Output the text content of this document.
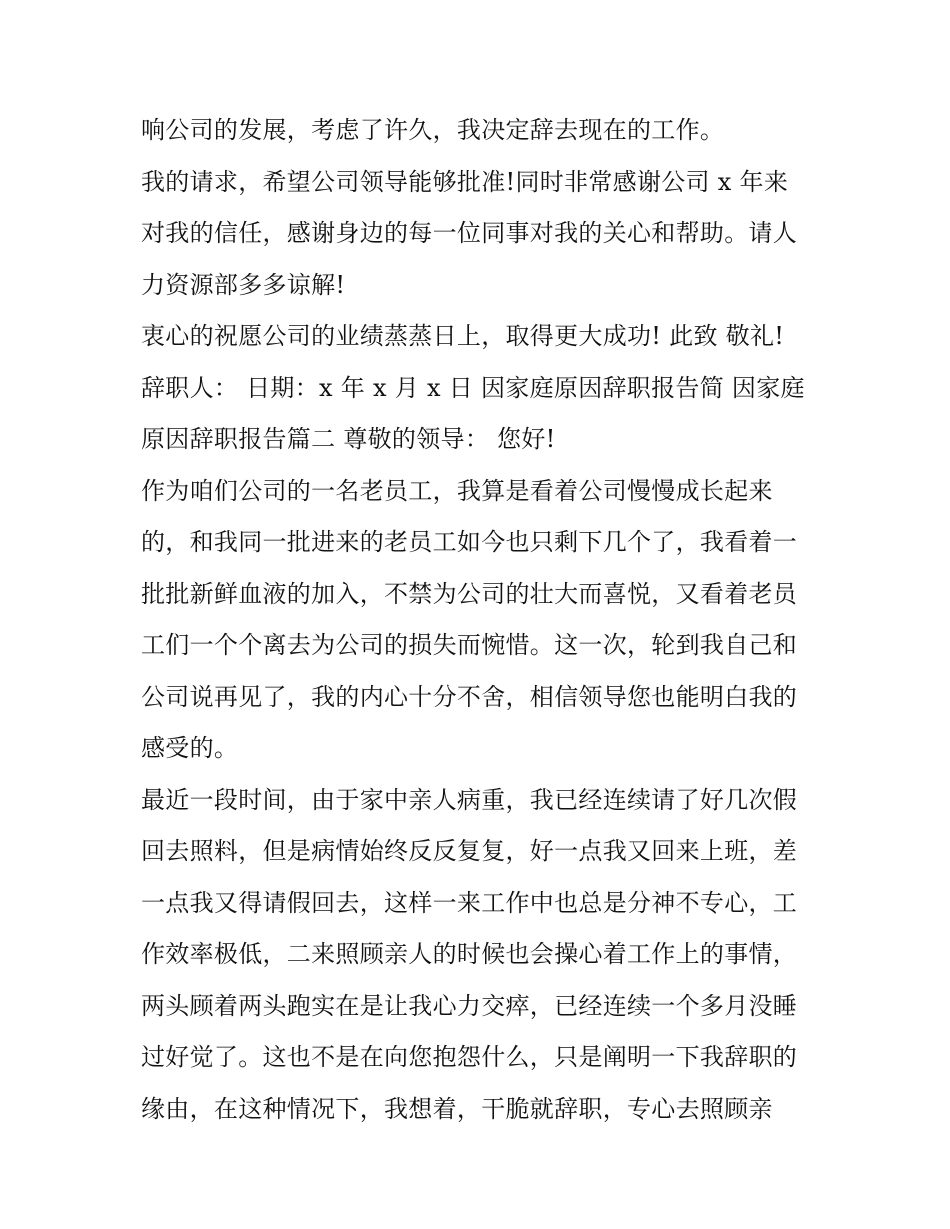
响公司的发展，考虑了许久，我决定辞去现在的工作。
我的请求，希望公司领导能够批准!同时非常感谢公司 x 年来
对我的信任，感谢身边的每一位同事对我的关心和帮助。请人
力资源部多多谅解!
衷心的祝愿公司的业绩蒸蒸日上，取得更大成功! 此致 敬礼!
辞职人： 日期：x 年 x 月 x 日 因家庭原因辞职报告简 因家庭
原因辞职报告篇二 尊敬的领导： 您好!
作为咱们公司的一名老员工，我算是看着公司慢慢成长起来
的，和我同一批进来的老员工如今也只剩下几个了，我看着一
批批新鲜血液的加入，不禁为公司的壮大而喜悦，又看着老员
工们一个个离去为公司的损失而惋惜。这一次，轮到我自己和
公司说再见了，我的内心十分不舍，相信领导您也能明白我的
感受的。
最近一段时间，由于家中亲人病重，我已经连续请了好几次假
回去照料，但是病情始终反反复复，好一点我又回来上班，差
一点我又得请假回去，这样一来工作中也总是分神不专心，工
作效率极低，二来照顾亲人的时候也会操心着工作上的事情，
两头顾着两头跑实在是让我心力交瘁，已经连续一个多月没睡
过好觉了。这也不是在向您抱怨什么，只是阐明一下我辞职的
缘由，在这种情况下，我想着，干脆就辞职，专心去照顾亲
